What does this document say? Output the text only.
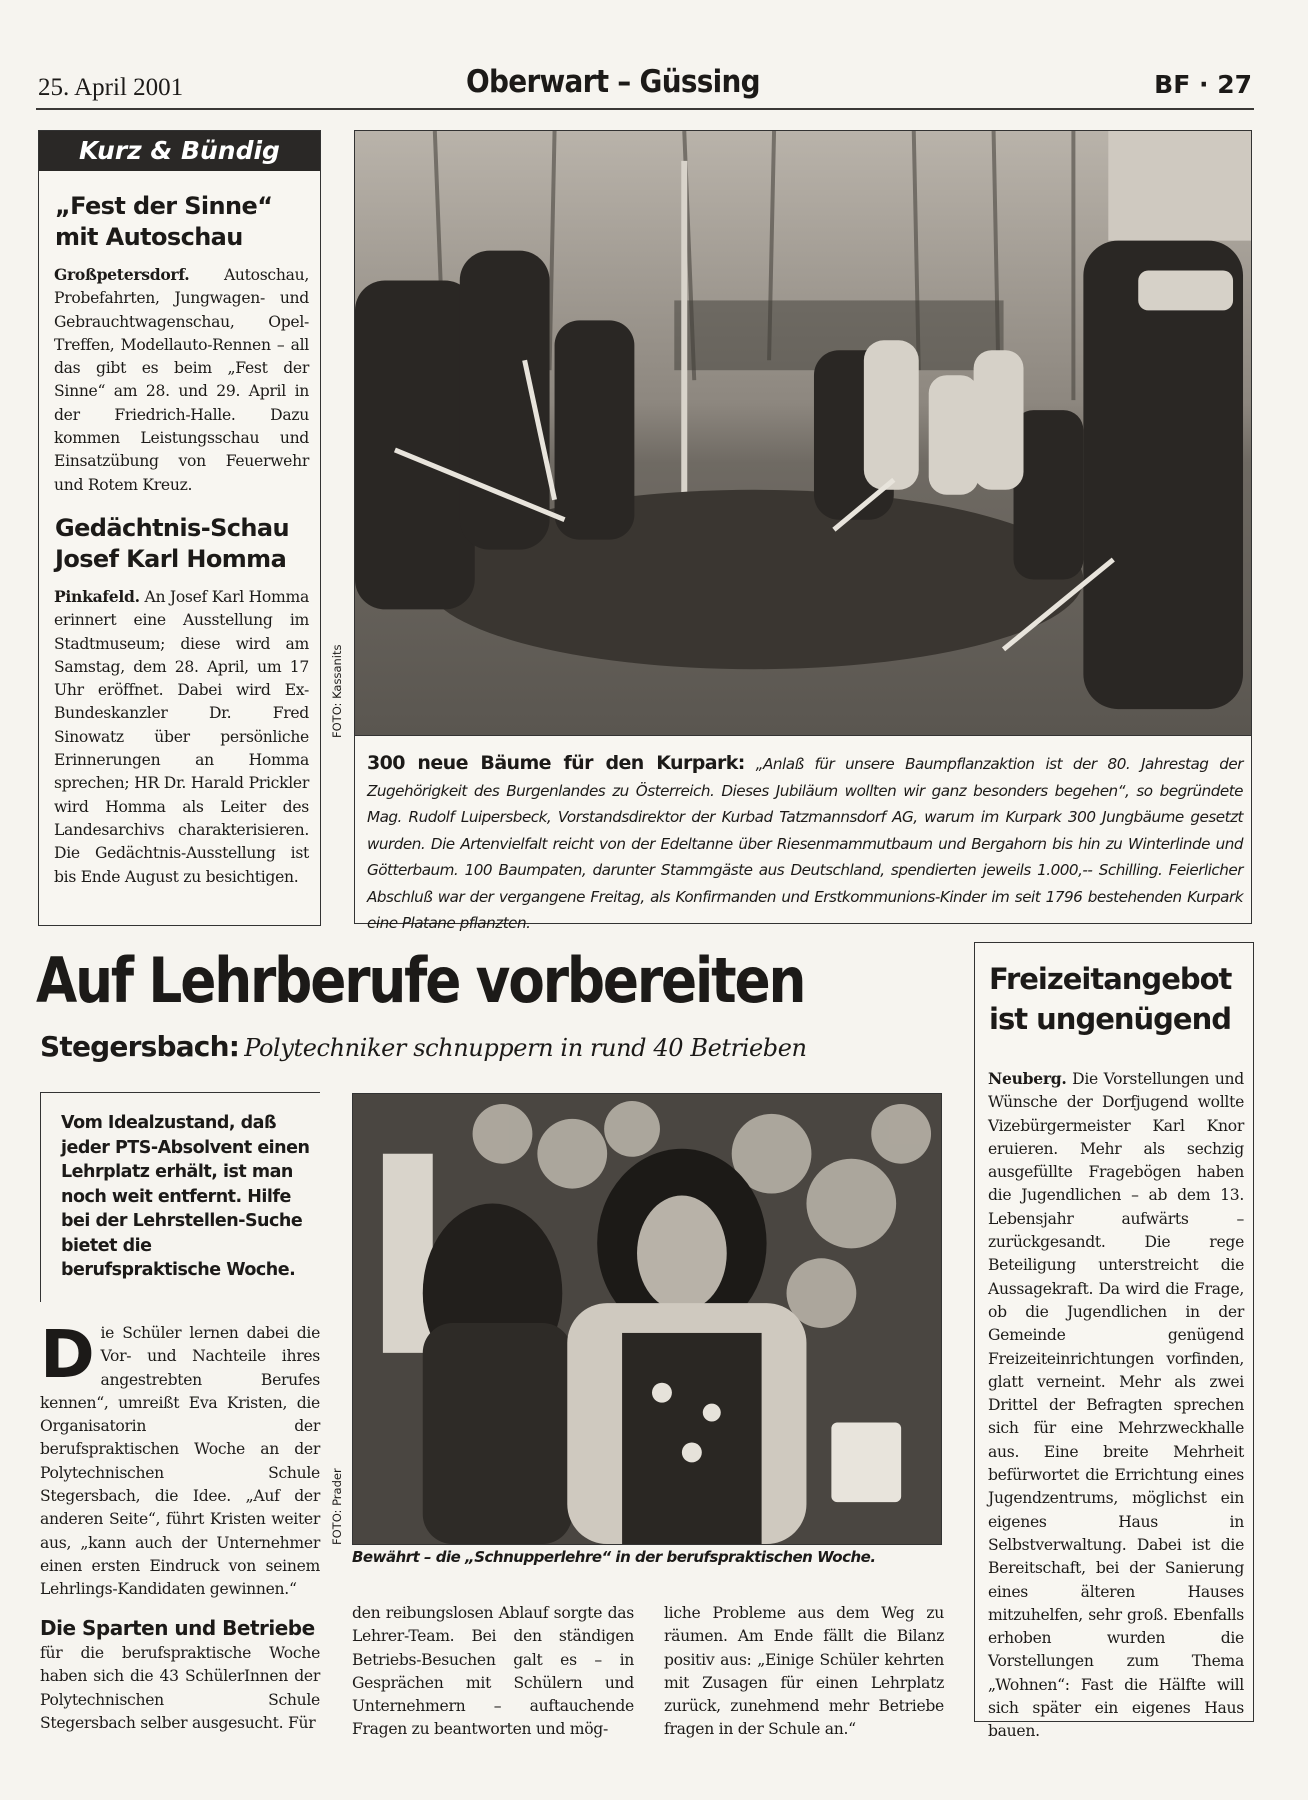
25. April 2001	Oberwart – Güssing	BF · 27
Kurz & Bündig
„Fest der Sinne“ mit Autoschau
Großpetersdorf. Autoschau, Probefahrten, Jungwagen- und Gebrauchtwagenschau, Opel-Treffen, Modellauto-Rennen – all das gibt es beim „Fest der Sinne“ am 28. und 29. April in der Friedrich-Halle. Dazu kommen Leistungsschau und Einsatzübung von Feuerwehr und Rotem Kreuz.
Gedächtnis-Schau Josef Karl Homma
Pinkafeld. An Josef Karl Homma erinnert eine Ausstellung im Stadtmuseum; diese wird am Samstag, dem 28. April, um 17 Uhr eröffnet. Dabei wird Ex-Bundeskanzler Dr. Fred Sinowatz über persönliche Erinnerungen an Homma sprechen; HR Dr. Harald Prickler wird Homma als Leiter des Landesarchivs charakterisieren. Die Gedächtnis-Ausstellung ist bis Ende August zu besichtigen.
FOTO: Kassanits
300 neue Bäume für den Kurpark: „Anlaß für unsere Baumpflanzaktion ist der 80. Jahrestag der Zugehörigkeit des Burgenlandes zu Österreich. Dieses Jubiläum wollten wir ganz besonders begehen“, so begründete Mag. Rudolf Luipersbeck, Vorstandsdirektor der Kurbad Tatzmannsdorf AG, warum im Kurpark 300 Jungbäume gesetzt wurden. Die Artenvielfalt reicht von der Edeltanne über Riesenmammutbaum und Bergahorn bis hin zu Winterlinde und Götterbaum. 100 Baumpaten, darunter Stammgäste aus Deutschland, spendierten jeweils 1.000,-- Schilling. Feierlicher Abschluß war der vergangene Freitag, als Konfirmanden und Erstkommunions-Kinder im seit 1796 bestehenden Kurpark eine Platane pflanzten.
Auf Lehrberufe vorbereiten
Stegersbach: Polytechniker schnuppern in rund 40 Betrieben
Vom Idealzustand, daß jeder PTS-Absolvent einen Lehrplatz erhält, ist man noch weit entfernt. Hilfe bei der Lehrstellen-Suche bietet die berufspraktische Woche.
D ie Schüler lernen dabei die Vor- und Nachteile ihres angestrebten Berufes kennen“, umreißt Eva Kristen, die Organisatorin der berufspraktischen Woche an der Polytechnischen Schule Stegersbach, die Idee. „Auf der anderen Seite“, führt Kristen weiter aus, „kann auch der Unternehmer einen ersten Eindruck von seinem Lehrlings-Kandidaten gewinnen.“
Die Sparten und Betriebe
für die berufspraktische Woche haben sich die 43 SchülerInnen der Polytechnischen Schule Stegersbach selber ausgesucht. Für
FOTO: Prader
Bewährt – die „Schnupperlehre“ in der berufspraktischen Woche.
den reibungslosen Ablauf sorgte das Lehrer-Team. Bei den ständigen Betriebs-Besuchen galt es – in Gesprächen mit Schülern und Unternehmern – auftauchende Fragen zu beantworten und mög-
liche Probleme aus dem Weg zu räumen. Am Ende fällt die Bilanz positiv aus: „Einige Schüler kehrten mit Zusagen für einen Lehrplatz zurück, zunehmend mehr Betriebe fragen in der Schule an.“
Freizeitangebot ist ungenügend
Neuberg. Die Vorstellungen und Wünsche der Dorfjugend wollte Vizebürgermeister Karl Knor eruieren. Mehr als sechzig ausgefüllte Fragebögen haben die Jugendlichen – ab dem 13. Lebensjahr aufwärts – zurückgesandt. Die rege Beteiligung unterstreicht die Aussagekraft. Da wird die Frage, ob die Jugendlichen in der Gemeinde genügend Freizeiteinrichtungen vorfinden, glatt verneint. Mehr als zwei Drittel der Befragten sprechen sich für eine Mehrzweckhalle aus. Eine breite Mehrheit befürwortet die Errichtung eines Jugendzentrums, möglichst ein eigenes Haus in Selbstverwaltung. Dabei ist die Bereitschaft, bei der Sanierung eines älteren Hauses mitzuhelfen, sehr groß. Ebenfalls erhoben wurden die Vorstellungen zum Thema „Wohnen“: Fast die Hälfte will sich später ein eigenes Haus bauen.
